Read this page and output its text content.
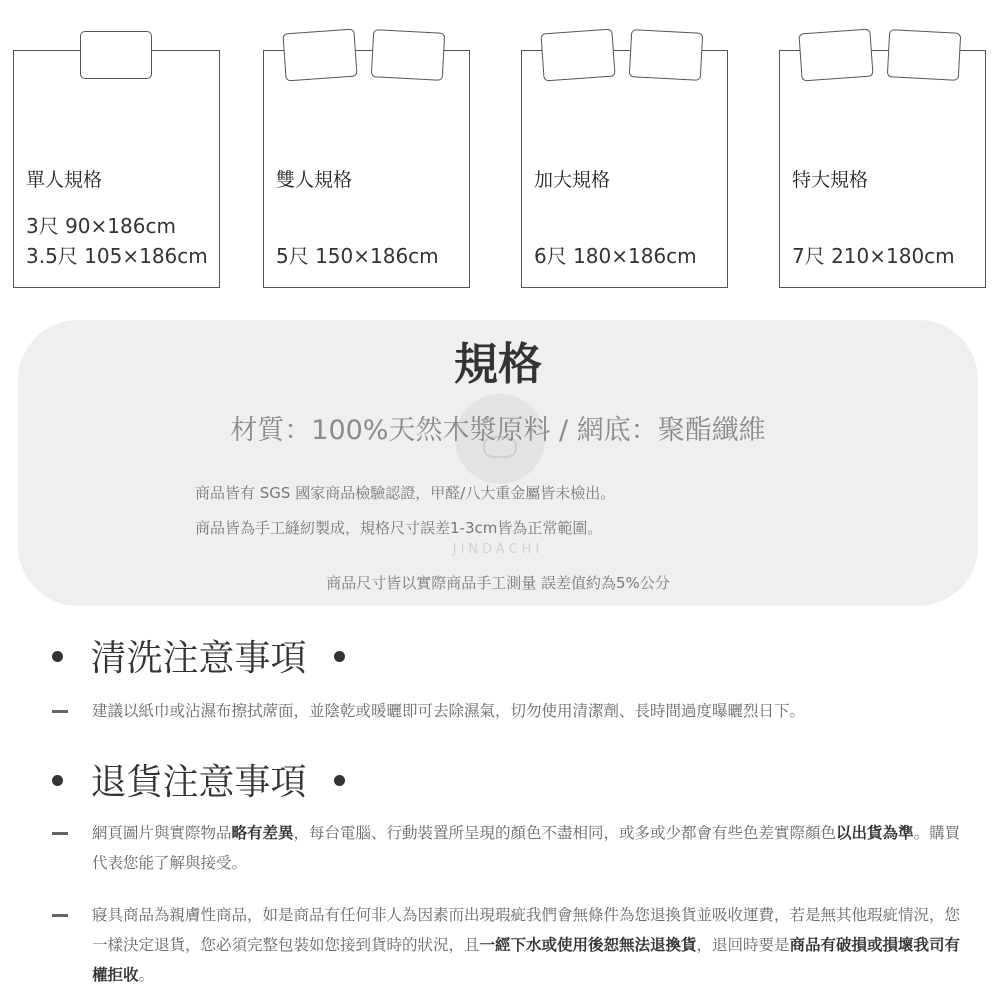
單人規格
3尺 90×186cm
3.5尺 105×186cm
雙人規格
5尺 150×186cm
加大規格
6尺 180×186cm
特大規格
7尺 210×180cm
JINDACHI
規格
材質：100%天然木漿原料 / 網底：聚酯纖維
商品皆有 SGS 國家商品檢驗認證，甲醛/八大重金屬皆未檢出。
商品皆為手工縫紉製成，規格尺寸誤差1-3cm皆為正常範圍。
商品尺寸皆以實際商品手工測量 誤差值約為5%公分
清洗注意事項
建議以紙巾或沾濕布擦拭蓆面，並陰乾或暖曬即可去除濕氣，切勿使用清潔劑、長時間過度曝曬烈日下。
退貨注意事項
網頁圖片與實際物品略有差異，每台電腦、行動裝置所呈現的顏色不盡相同，或多或少都會有些色差實際顏色以出貨為準。購買代表您能了解與接受。
寢具商品為親膚性商品，如是商品有任何非人為因素而出現瑕疵我們會無條件為您退換貨並吸收運費，若是無其他瑕疵情況，您一樣決定退貨，您必須完整包裝如您接到貨時的狀況，且一經下水或使用後恕無法退換貨，退回時要是商品有破損或損壞我司有權拒收。
